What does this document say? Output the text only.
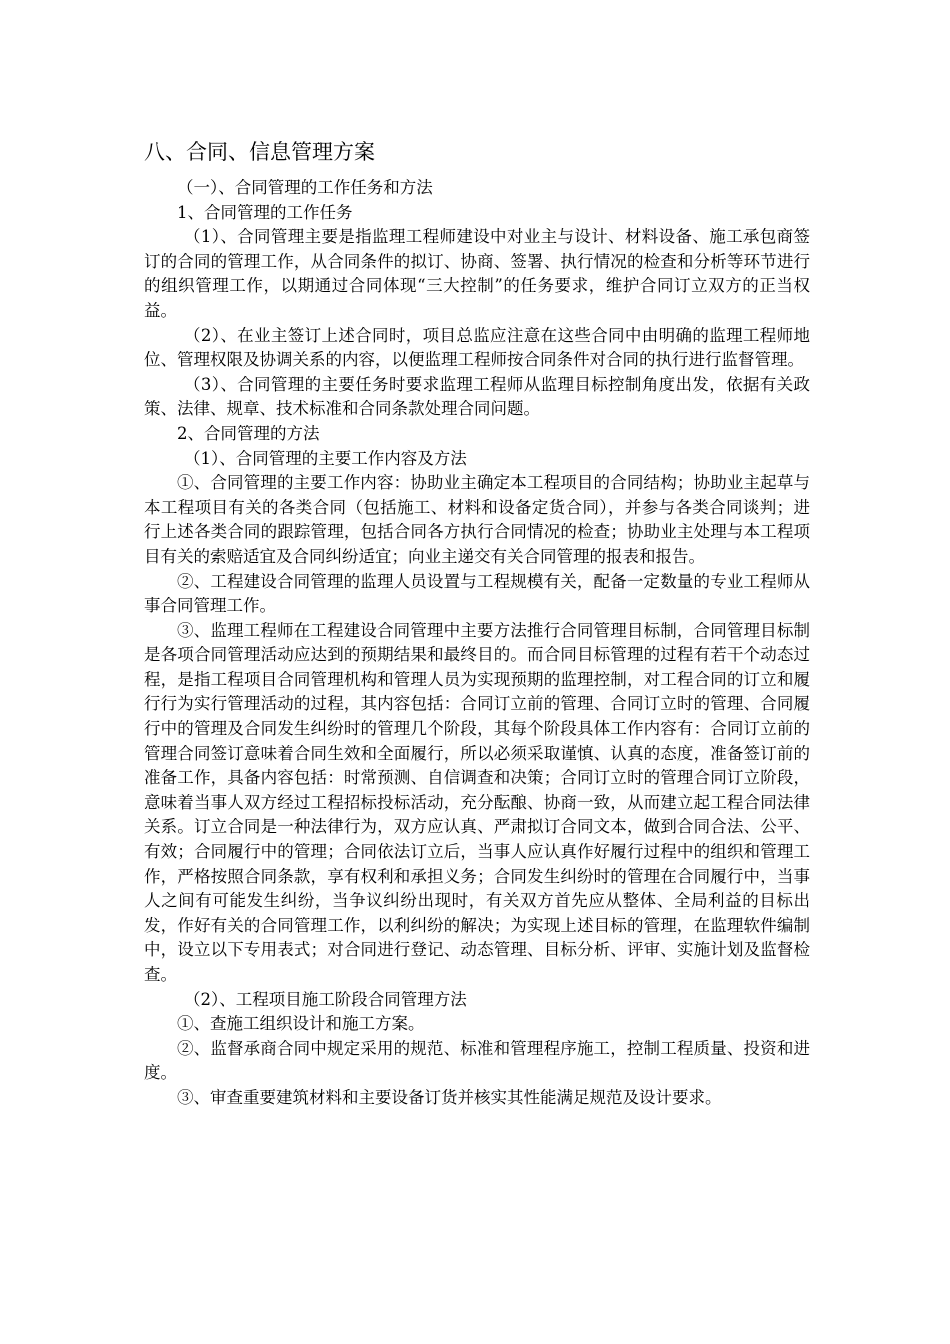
八、合同、信息管理方案

（一）、合同管理的工作任务和方法

1、合同管理的工作任务

（1）、合同管理主要是指监理工程师建设中对业主与设计、材料设备、施工承包商签订的合同的管理工作，从合同条件的拟订、协商、签署、执行情况的检查和分析等环节进行的组织管理工作，以期通过合同体现“三大控制”的任务要求，维护合同订立双方的正当权益。

（2）、在业主签订上述合同时，项目总监应注意在这些合同中由明确的监理工程师地位、管理权限及协调关系的内容，以便监理工程师按合同条件对合同的执行进行监督管理。

（3）、合同管理的主要任务时要求监理工程师从监理目标控制角度出发，依据有关政策、法律、规章、技术标准和合同条款处理合同问题。

2、合同管理的方法

（1）、合同管理的主要工作内容及方法

①、合同管理的主要工作内容：协助业主确定本工程项目的合同结构；协助业主起草与本工程项目有关的各类合同（包括施工、材料和设备定货合同），并参与各类合同谈判；进行上述各类合同的跟踪管理，包括合同各方执行合同情况的检查；协助业主处理与本工程项目有关的索赔适宜及合同纠纷适宜；向业主递交有关合同管理的报表和报告。

②、工程建设合同管理的监理人员设置与工程规模有关，配备一定数量的专业工程师从事合同管理工作。

③、监理工程师在工程建设合同管理中主要方法推行合同管理目标制，合同管理目标制是各项合同管理活动应达到的预期结果和最终目的。而合同目标管理的过程有若干个动态过程，是指工程项目合同管理机构和管理人员为实现预期的监理控制，对工程合同的订立和履行行为实行管理活动的过程，其内容包括：合同订立前的管理、合同订立时的管理、合同履行中的管理及合同发生纠纷时的管理几个阶段，其每个阶段具体工作内容有：合同订立前的管理合同签订意味着合同生效和全面履行，所以必须采取谨慎、认真的态度，准备签订前的准备工作，具备内容包括：时常预测、自信调查和决策；合同订立时的管理合同订立阶段，意味着当事人双方经过工程招标投标活动，充分酝酿、协商一致，从而建立起工程合同法律关系。订立合同是一种法律行为，双方应认真、严肃拟订合同文本，做到合同合法、公平、有效；合同履行中的管理；合同依法订立后，当事人应认真作好履行过程中的组织和管理工作，严格按照合同条款，享有权利和承担义务；合同发生纠纷时的管理在合同履行中，当事人之间有可能发生纠纷，当争议纠纷出现时，有关双方首先应从整体、全局利益的目标出发，作好有关的合同管理工作，以利纠纷的解决；为实现上述目标的管理，在监理软件编制中，设立以下专用表式；对合同进行登记、动态管理、目标分析、评审、实施计划及监督检查。

（2）、工程项目施工阶段合同管理方法

①、查施工组织设计和施工方案。

②、监督承商合同中规定采用的规范、标准和管理程序施工，控制工程质量、投资和进度。

③、审查重要建筑材料和主要设备订货并核实其性能满足规范及设计要求。
